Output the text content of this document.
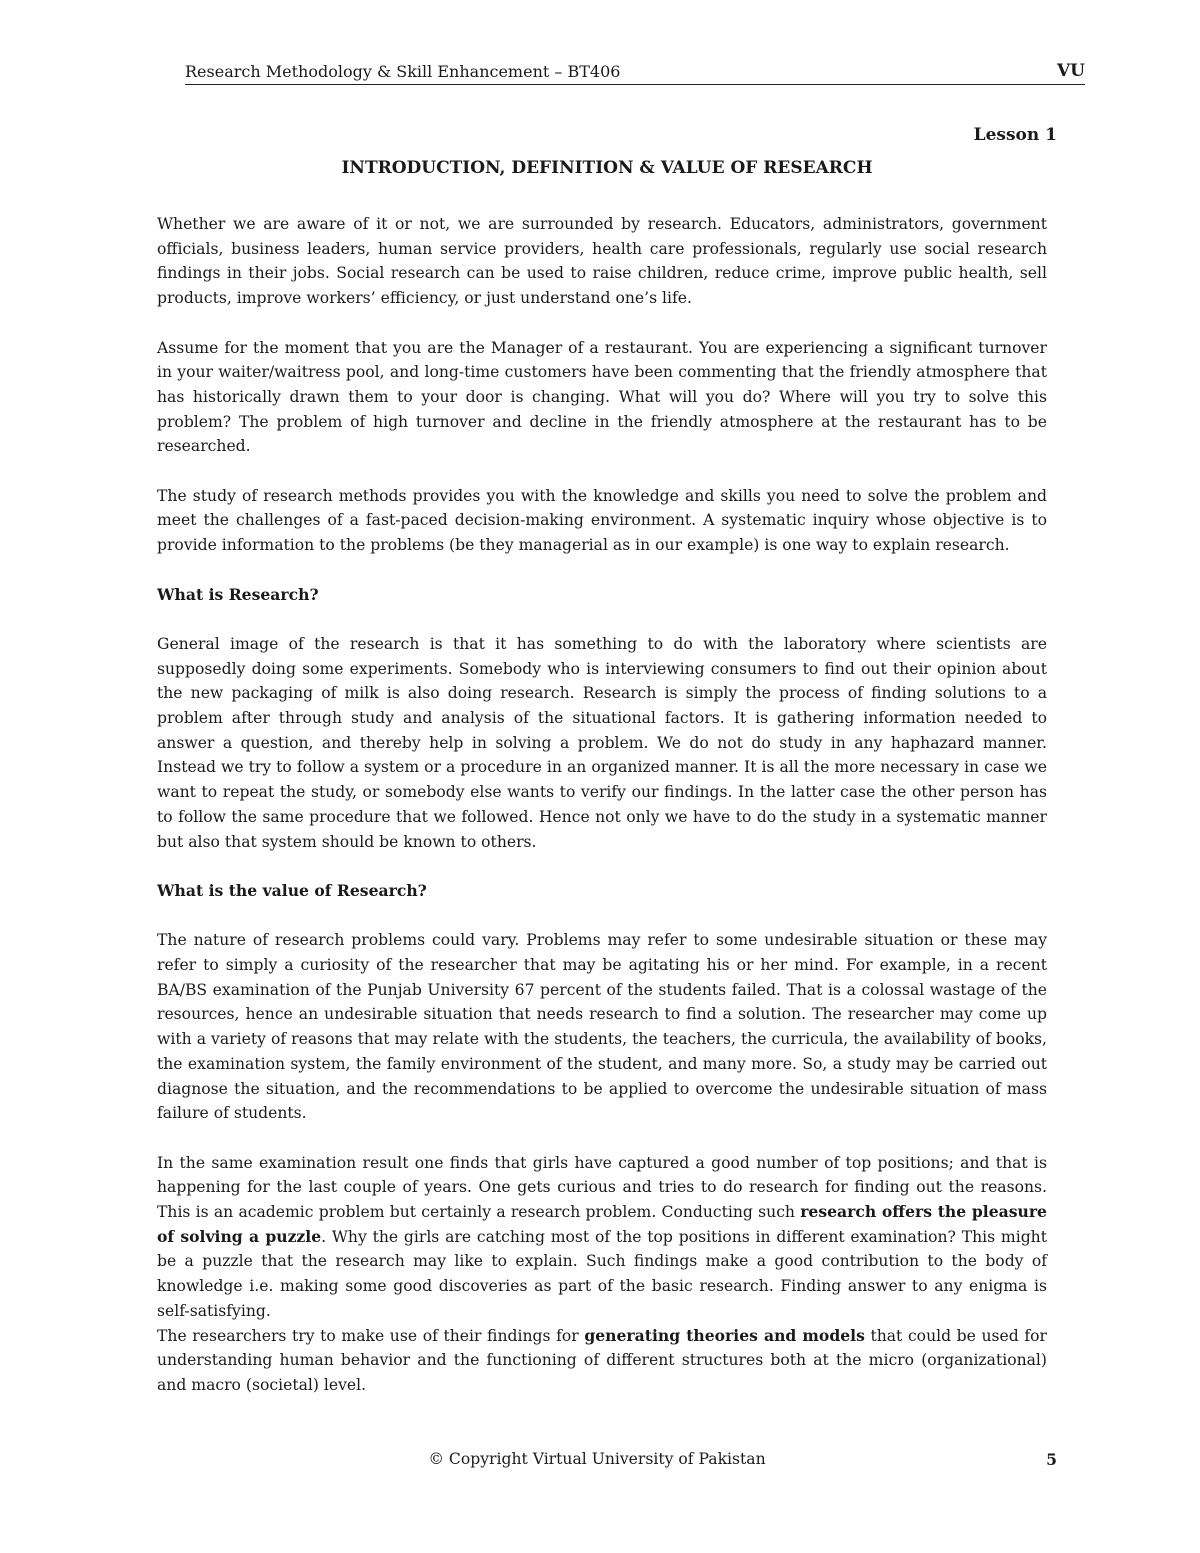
Research Methodology & Skill Enhancement – BT406	VU
Lesson 1
INTRODUCTION, DEFINITION & VALUE OF RESEARCH

Whether we are aware of it or not, we are surrounded by research. Educators, administrators, government officials, business leaders, human service providers, health care professionals, regularly use social research findings in their jobs. Social research can be used to raise children, reduce crime, improve public health, sell products, improve workers’ efficiency, or just understand one’s life.

Assume for the moment that you are the Manager of a restaurant. You are experiencing a significant turnover in your waiter/waitress pool, and long-time customers have been commenting that the friendly atmosphere that has historically drawn them to your door is changing. What will you do? Where will you try to solve this problem? The problem of high turnover and decline in the friendly atmosphere at the restaurant has to be researched.

The study of research methods provides you with the knowledge and skills you need to solve the problem and meet the challenges of a fast-paced decision-making environment. A systematic inquiry whose objective is to provide information to the problems (be they managerial as in our example) is one way to explain research.

What is Research?

General image of the research is that it has something to do with the laboratory where scientists are supposedly doing some experiments. Somebody who is interviewing consumers to find out their opinion about the new packaging of milk is also doing research. Research is simply the process of finding solutions to a problem after through study and analysis of the situational factors. It is gathering information needed to answer a question, and thereby help in solving a problem. We do not do study in any haphazard manner. Instead we try to follow a system or a procedure in an organized manner. It is all the more necessary in case we want to repeat the study, or somebody else wants to verify our findings. In the latter case the other person has to follow the same procedure that we followed. Hence not only we have to do the study in a systematic manner but also that system should be known to others.

What is the value of Research?

The nature of research problems could vary. Problems may refer to some undesirable situation or these may refer to simply a curiosity of the researcher that may be agitating his or her mind. For example, in a recent BA/BS examination of the Punjab University 67 percent of the students failed. That is a colossal wastage of the resources, hence an undesirable situation that needs research to find a solution. The researcher may come up with a variety of reasons that may relate with the students, the teachers, the curricula, the availability of books, the examination system, the family environment of the student, and many more. So, a study may be carried out diagnose the situation, and the recommendations to be applied to overcome the undesirable situation of mass failure of students.

In the same examination result one finds that girls have captured a good number of top positions; and that is happening for the last couple of years. One gets curious and tries to do research for finding out the reasons. This is an academic problem but certainly a research problem. Conducting such research offers the pleasure of solving a puzzle. Why the girls are catching most of the top positions in different examination? This might be a puzzle that the research may like to explain. Such findings make a good contribution to the body of knowledge i.e. making some good discoveries as part of the basic research. Finding answer to any enigma is self-satisfying.

The researchers try to make use of their findings for generating theories and models that could be used for understanding human behavior and the functioning of different structures both at the micro (organizational) and macro (societal) level.

© Copyright Virtual University of Pakistan	5
